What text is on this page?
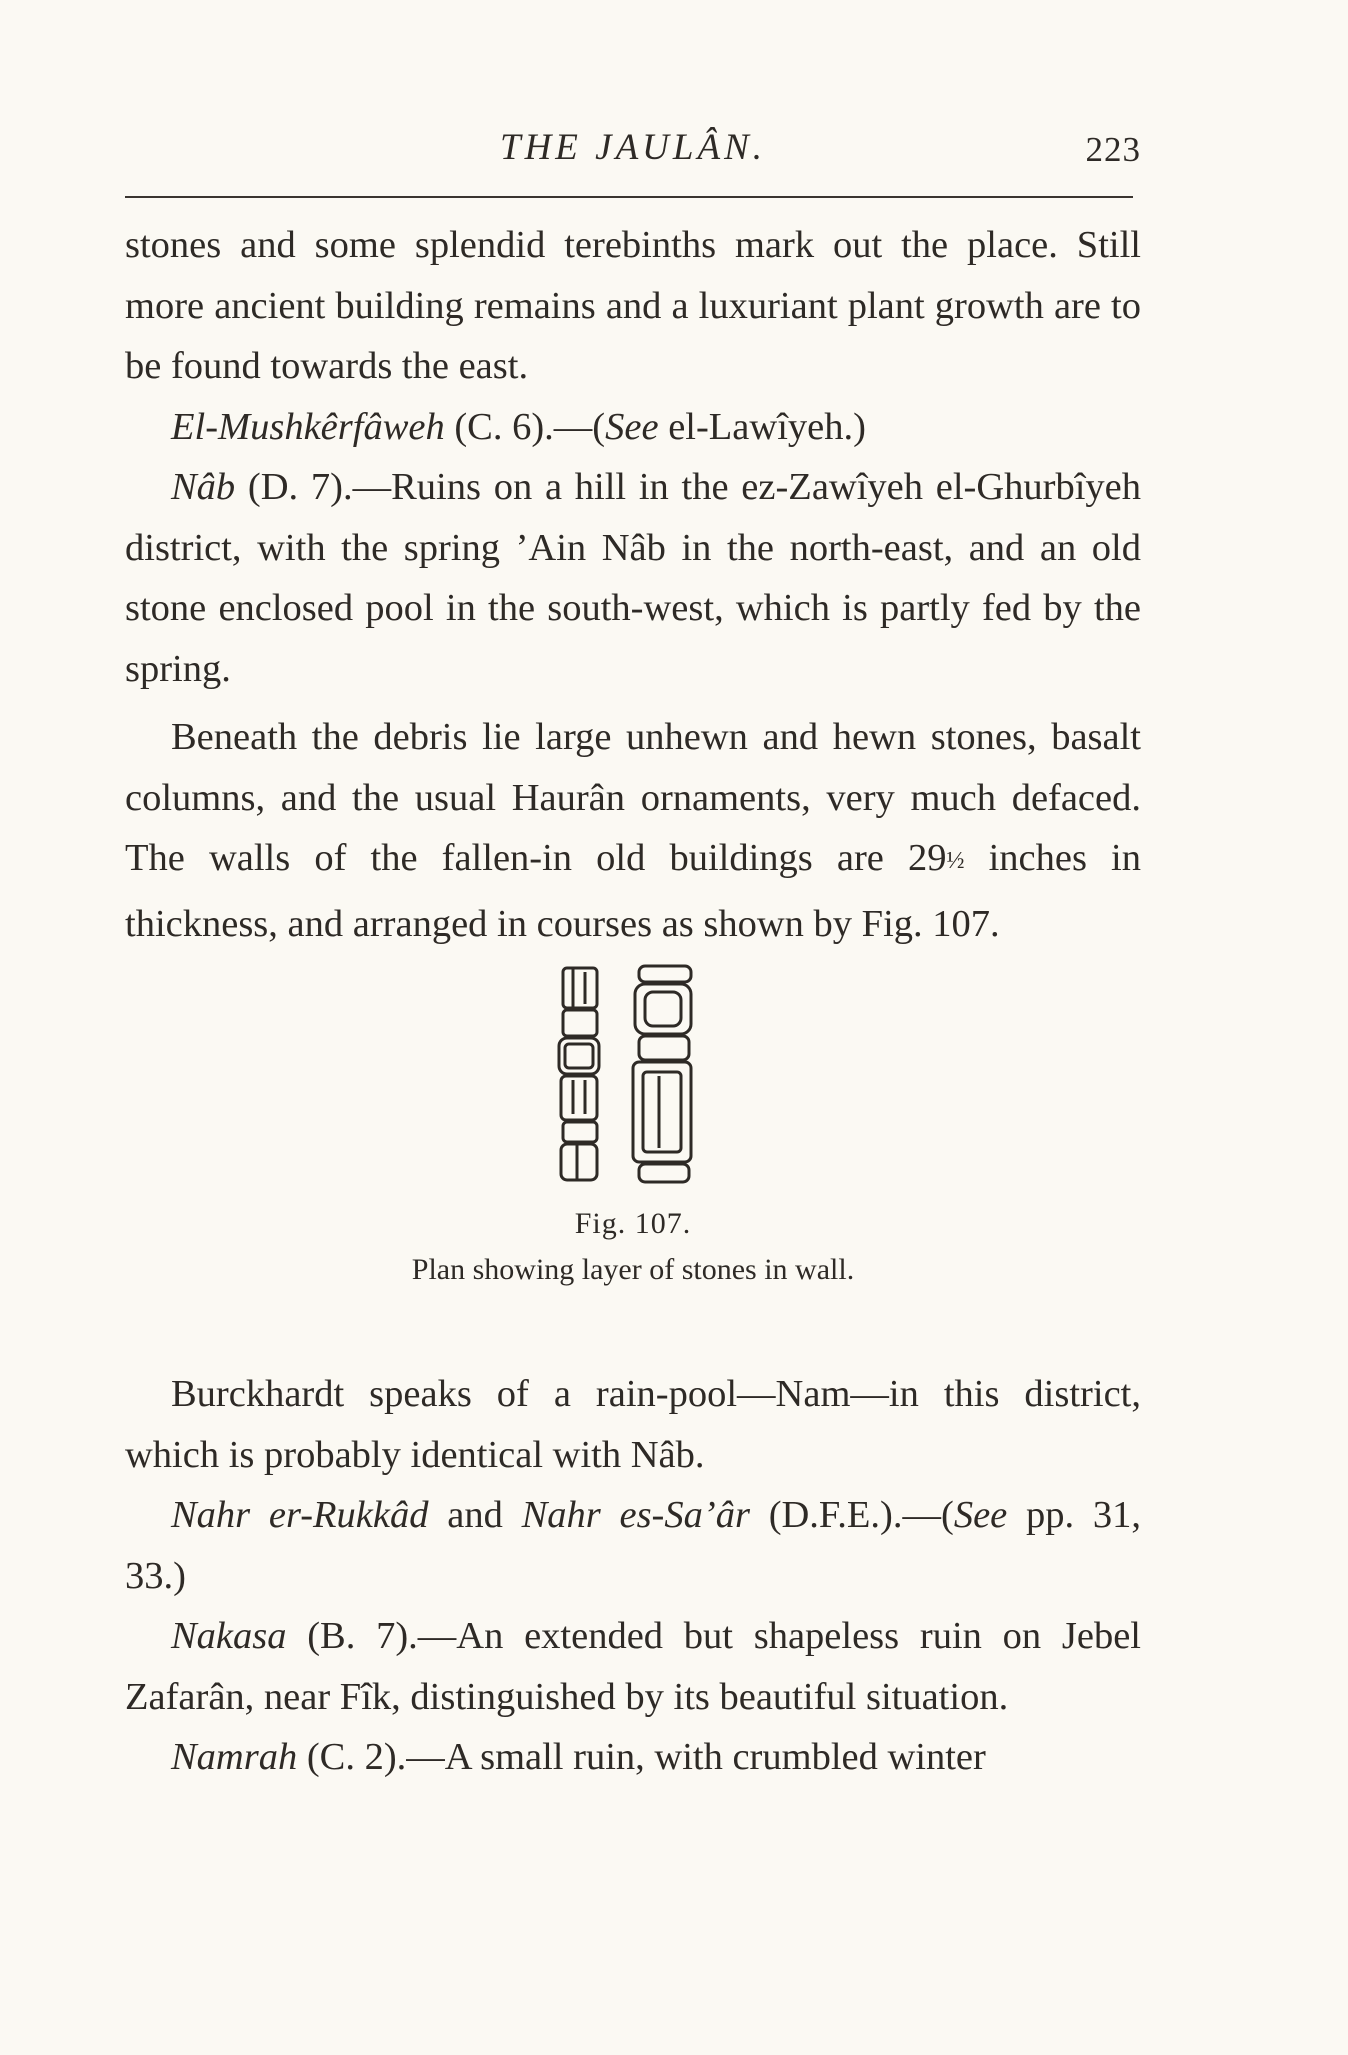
THE JAULÂN.	223

stones and some splendid terebinths mark out the place. Still more ancient building remains and a luxuriant plant growth are to be found towards the east.

El-Mushkêrfâweh (C. 6).—(See el-Lawîyeh.)

Nâb (D. 7).—Ruins on a hill in the ez-Zawîyeh el-Ghurbîyeh district, with the spring ’Ain Nâb in the north-east, and an old stone enclosed pool in the south-west, which is partly fed by the spring.

Beneath the debris lie large unhewn and hewn stones, basalt columns, and the usual Haurân ornaments, very much defaced. The walls of the fallen-in old buildings are 29½ inches in thickness, and arranged in courses as shown by Fig. 107.

Fig. 107.
Plan showing layer of stones in wall.

Burckhardt speaks of a rain-pool—Nam—in this district, which is probably identical with Nâb.

Nahr er-Rukkâd and Nahr es-Sa’âr (D.F.E.).—(See pp. 31, 33.)

Nakasa (B. 7).—An extended but shapeless ruin on Jebel Zafarân, near Fîk, distinguished by its beautiful situation.

Namrah (C. 2).—A small ruin, with crumbled winter
